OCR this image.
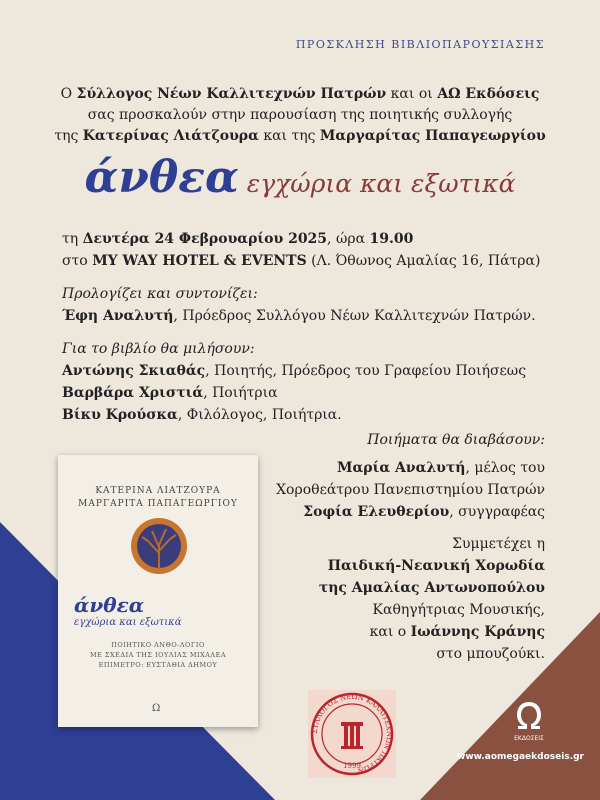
ΠΡΟΣΚΛΗΣΗ ΒΙΒΛΙΟΠΑΡΟΥΣΙΑΣΗΣ
Ο Σύλλογος Νέων Καλλιτεχνών Πατρών και οι ΑΩ Εκδόσεις
σας προσκαλούν στην παρουσίαση της ποιητικής συλλογής
της Κατερίνας Λιάτζουρα και της Μαργαρίτας Παπαγεωργίου
άνθεα εγχώρια και εξωτικά
τη Δευτέρα 24 Φεβρουαρίου 2025, ώρα 19.00
στο MY WAY HOTEL & EVENTS (Λ. Όθωνος Αμαλίας 16, Πάτρα)
Προλογίζει και συντονίζει:
Έφη Αναλυτή, Πρόεδρος Συλλόγου Νέων Καλλιτεχνών Πατρών.
Για το βιβλίο θα μιλήσουν:

Αντώνης Σκιαθάς, Ποιητής, Πρόεδρος του Γραφείου Ποιήσεως
Βαρβάρα Χριστιά, Ποιήτρια
Βίκυ Κρούσκα, Φιλόλογος, Ποιήτρια.
Ποιήματα θα διαβάσουν:
Μαρία Αναλυτή, μέλος του
Χοροθεάτρου Πανεπιστημίου Πατρών
Σοφία Ελευθερίου, συγγραφέας
Συμμετέχει η
Παιδική-Νεανική Χορωδία
της Αμαλίας Αντωνοπούλου
Καθηγήτριας Μουσικής,
και ο Ιωάννης Κράνης
στο μπουζούκι.
ΚΑΤΕΡΙΝΑ ΛΙΑΤΖΟΥΡΑ
ΜΑΡΓΑΡΙΤΑ ΠΑΠΑΓΕΩΡΓΙΟΥ
άνθεα
εγχώρια και εξωτικά
ΠΟΙΗΤΙΚΟ ΑΝΘΟ-ΛΟΓΙΟ
ΜΕ ΣΧΕΔΙΑ ΤΗΣ ΙΟΥΛΙΑΣ ΜΙΧΑΛΕΑ
ΕΠΙΜΕΤΡΟ: ΕΥΣΤΑΘΙΑ ΔΗΜΟΥ
Ω
ΣΥΛΛΟΓΟΣ ΝΕΩΝ ΚΑΛΛΙΤΕΧΝΩΝ ΠΑΤΡΩΝ
1999
ΕΚΔΟΣΕΙΣ
www.aomegaekdoseis.gr
